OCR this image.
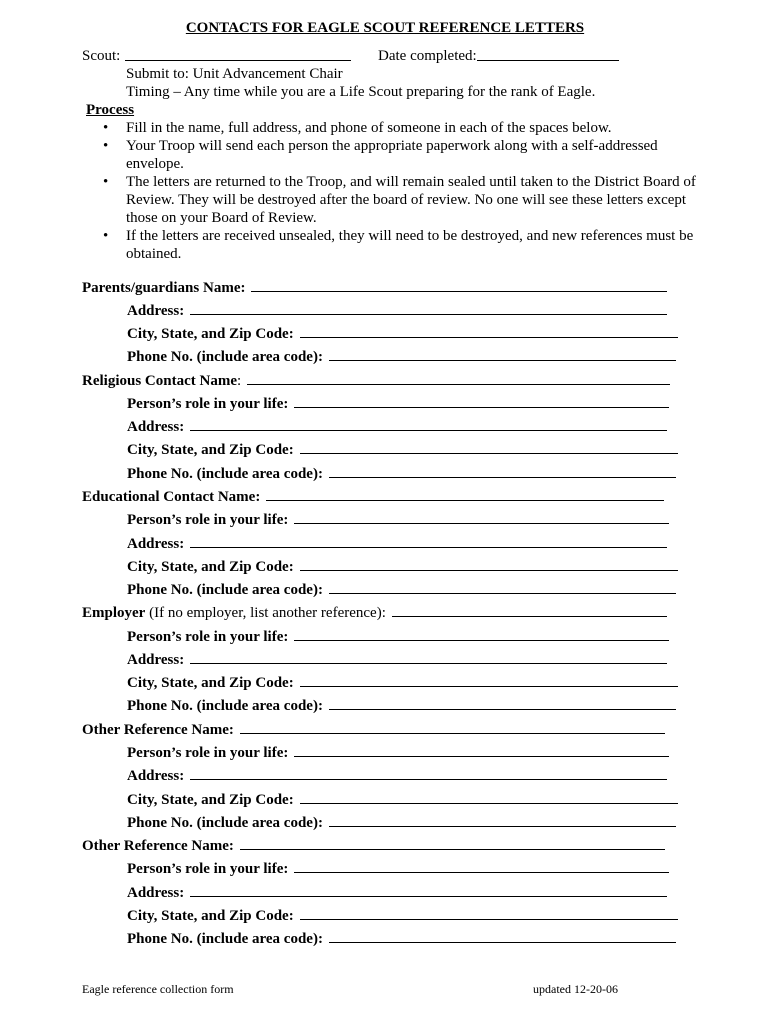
CONTACTS FOR EAGLE SCOUT REFERENCE LETTERS
Scout:	Date completed:
Submit to: Unit Advancement Chair
Timing – Any time while you are a Life Scout preparing for the rank of Eagle.
Process
• Fill in the name, full address, and phone of someone in each of the spaces below.
• Your Troop will send each person the appropriate paperwork along with a self-addressed envelope.
• The letters are returned to the Troop, and will remain sealed until taken to the District Board of Review. They will be destroyed after the board of review. No one will see these letters except those on your Board of Review.
• If the letters are received unsealed, they will need to be destroyed, and new references must be obtained.
Parents/guardians Name:
Address:
City, State, and Zip Code:
Phone No. (include area code):
Religious Contact Name :
Person’s role in your life:
Address:
City, State, and Zip Code:
Phone No. (include area code):
Educational Contact Name:
Person’s role in your life:
Address:
City, State, and Zip Code:
Phone No. (include area code):
Employer (If no employer, list another reference):
Person’s role in your life:
Address:
City, State, and Zip Code:
Phone No. (include area code):
Other Reference Name:
Person’s role in your life:
Address:
City, State, and Zip Code:
Phone No. (include area code):
Other Reference Name:
Person’s role in your life:
Address:
City, State, and Zip Code:
Phone No. (include area code):
Eagle reference collection form	updated 12-20-06
